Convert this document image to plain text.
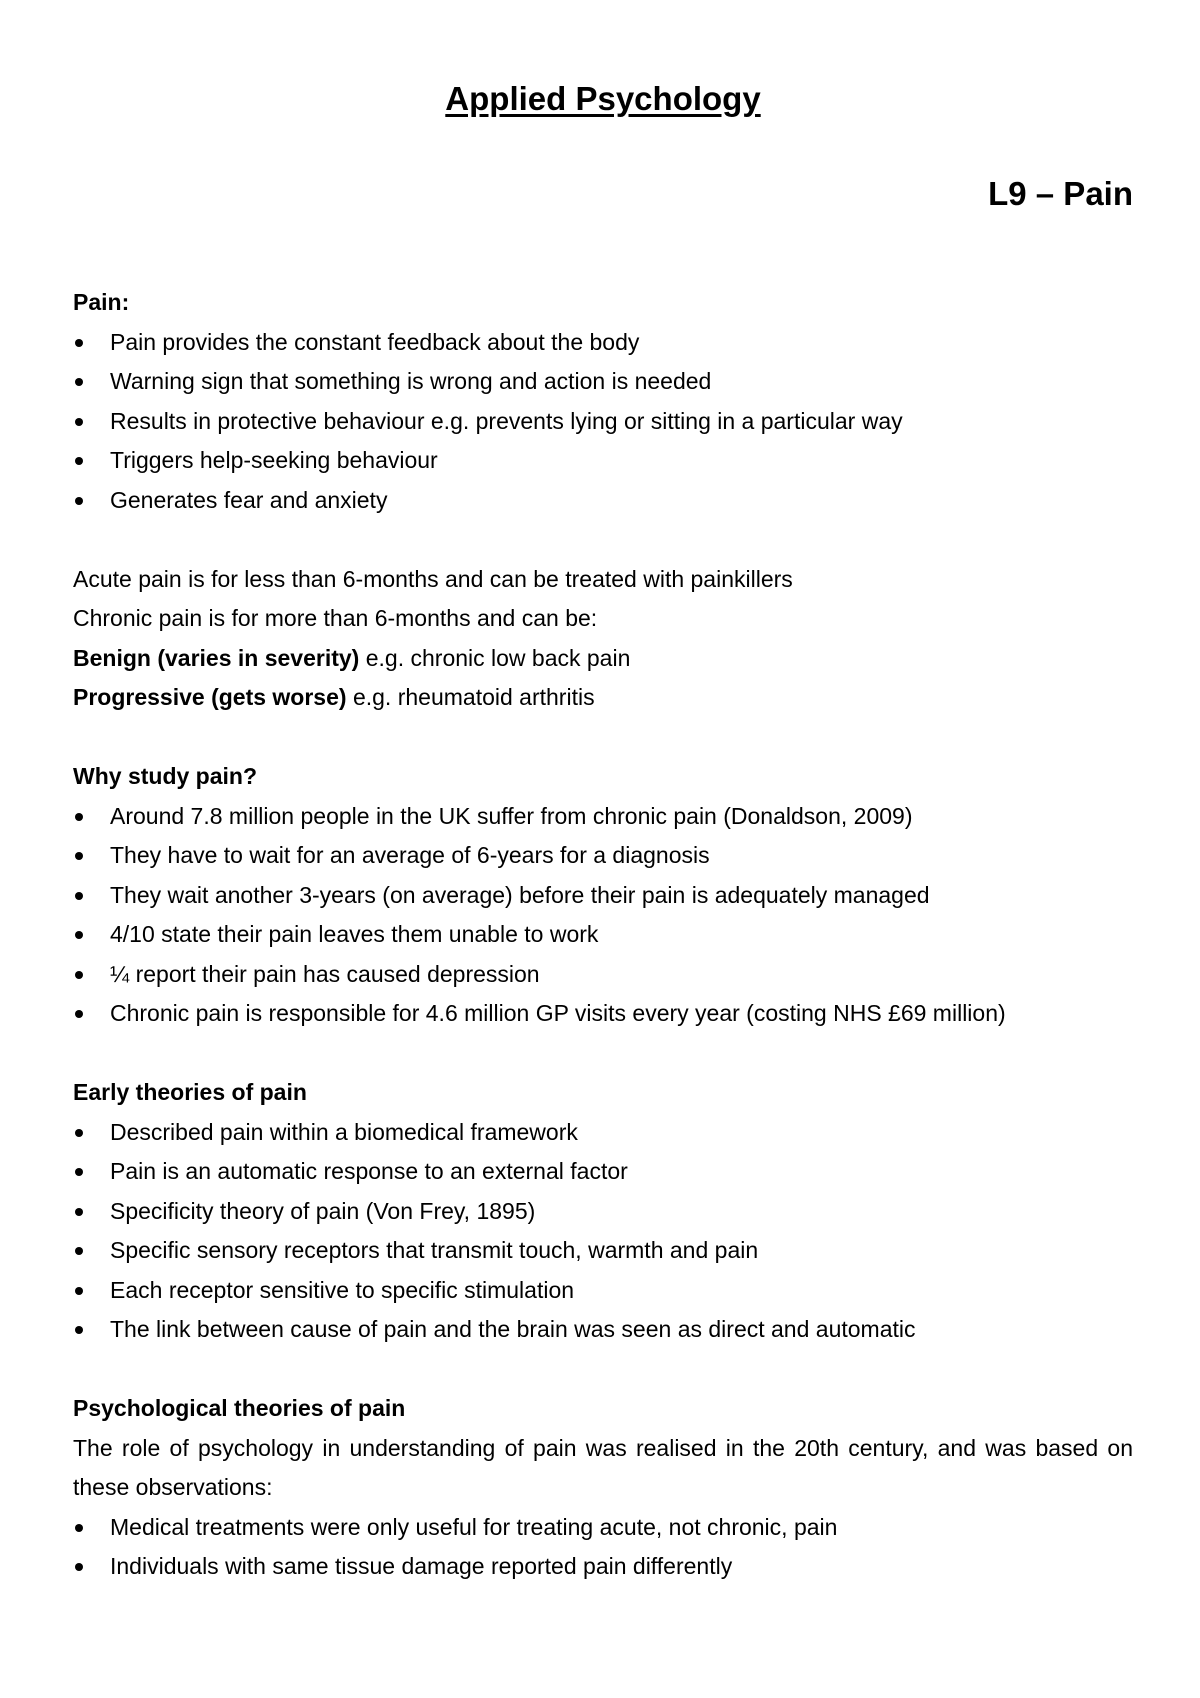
Applied Psychology
L9 – Pain

Pain:

Pain provides the constant feedback about the body
Warning sign that something is wrong and action is needed
Results in protective behaviour e.g. prevents lying or sitting in a particular way
Triggers help-seeking behaviour
Generates fear and anxiety

Acute pain is for less than 6-months and can be treated with painkillers

Chronic pain is for more than 6-months and can be:

Benign (varies in severity) e.g. chronic low back pain

Progressive (gets worse) e.g. rheumatoid arthritis

Why study pain?

Around 7.8 million people in the UK suffer from chronic pain (Donaldson, 2009)
They have to wait for an average of 6-years for a diagnosis
They wait another 3-years (on average) before their pain is adequately managed
4/10 state their pain leaves them unable to work
¼ report their pain has caused depression
Chronic pain is responsible for 4.6 million GP visits every year (costing NHS £69 million)

Early theories of pain

Described pain within a biomedical framework
Pain is an automatic response to an external factor
Specificity theory of pain (Von Frey, 1895)
Specific sensory receptors that transmit touch, warmth and pain
Each receptor sensitive to specific stimulation
The link between cause of pain and the brain was seen as direct and automatic

Psychological theories of pain

The role of psychology in understanding of pain was realised in the 20th century, and was based on these observations:

Medical treatments were only useful for treating acute, not chronic, pain
Individuals with same tissue damage reported pain differently
